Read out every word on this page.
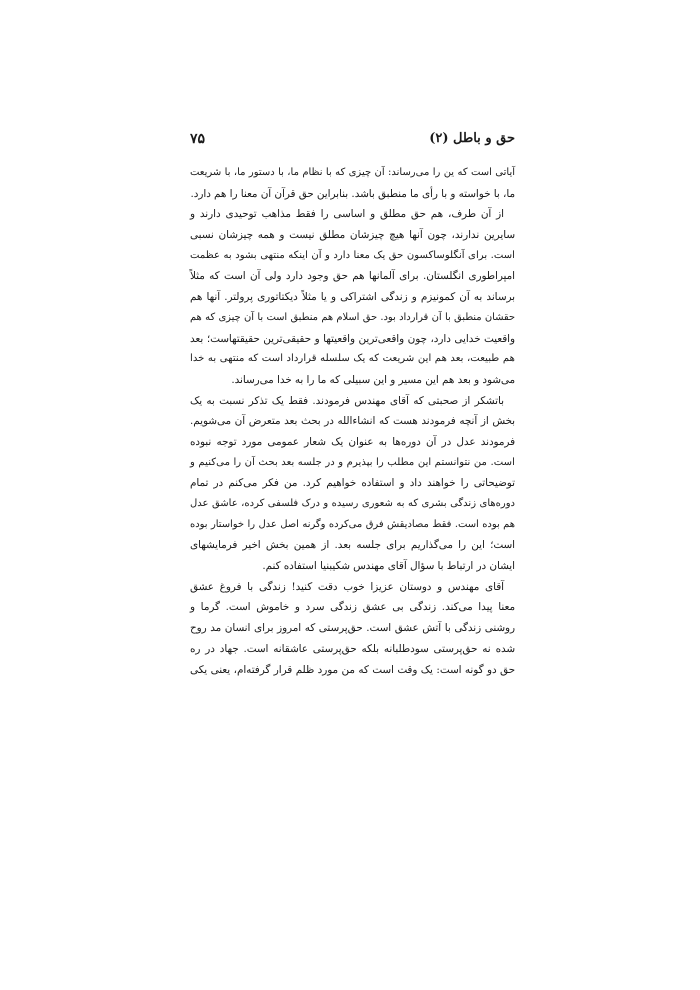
حق و باطل (۲)
۷۵

آیاتی است که ین را می‌رساند: آن چیزی که با نظام ما، با دستور ما، با شریعت
ما، با خواسته و با رأی ما منطبق باشد. بنابراین حق قرآن آن معنا را هم دارد.

از آن طرف، هم حق مطلق و اساسی را فقط مذاهب توحیدی دارند و
سایرین ندارند، چون آنها هیچ چیزشان مطلق نیست و همه چیزشان نسبی
است. برای آنگلوساکسون حق یک معنا دارد و آن اینکه منتهی بشود به عظمت
امپراطوری انگلستان. برای آلمانها هم حق وجود دارد ولی آن است که مثلاً
برساند به آن کمونیزم و زندگی اشتراکی و یا مثلاً دیکتاتوری پرولتر. آنها هم
حقشان منطبق با آن قرارداد بود. حق اسلام هم منطبق است با آن چیزی که هم
واقعیت خدایی دارد، چون واقعی‌ترین واقعیتها و حقیقی‌ترین حقیقتهاست؛ بعد
هم طبیعت، بعد هم این شریعت که یک سلسله قرارداد است که منتهی به خدا
می‌شود و بعد هم این مسیر و این سبیلی که ما را به خدا می‌رساند.

باتشکر از صحبتی که آقای مهندس فرمودند. فقط یک تذکر نسبت به یک
بخش از آنچه فرمودند هست که انشاءالله در بحث بعد متعرض آن می‌شویم.
فرمودند عدل در آن دوره‌ها به عنوان یک شعار عمومی مورد توجه نبوده
است. من نتوانستم این مطلب را بپذیرم و در جلسه بعد بحث آن را می‌کنیم و
توضیحاتی را خواهند داد و استفاده خواهیم کرد. من فکر می‌کنم در تمام
دوره‌های زندگی بشری که به شعوری رسیده و درک فلسفی کرده، عاشق عدل
هم بوده است. فقط مصادیقش فرق می‌کرده وگرنه اصل عدل را خواستار بوده
است؛ این را می‌گذاریم برای جلسه بعد. از همین بخش اخیر فرمایشهای
ایشان در ارتباط با سؤال آقای مهندس شکیبنیا استفاده کنم.

آقای مهندس و دوستان عزیزا خوب دقت کنید! زندگی با فروغ عشق
معنا پیدا می‌کند. زندگی بی عشق زندگی سرد و خاموش است. گرما و
روشنی زندگی با آتش عشق است. حق‌پرستی که امروز برای انسان مد روح
شده نه حق‌پرستی سودطلبانه بلکه حق‌پرستی عاشقانه است. جهاد در ره
حق دو گونه است: یک وقت است که من مورد ظلم قرار گرفته‌ام، یعنی یکی
